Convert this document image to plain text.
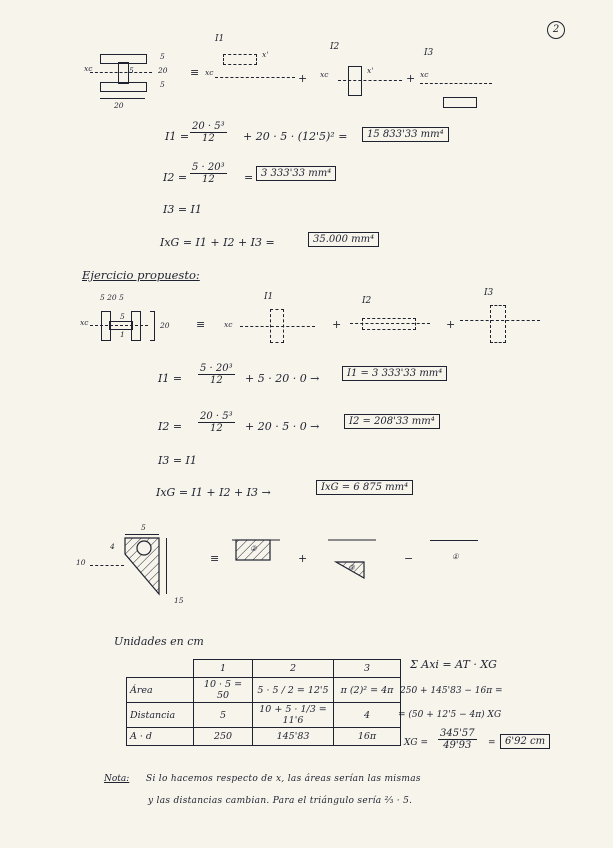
2
xc
5
20
5
5
20
≡ xc
I1
x'
+
I2
xc	x'
+
I3
xc
$I1 = \frac{\text{20 · 5³}}{12} + 20 \cdot 5 \cdot (12'5)^2$ =	15 833'33 mm⁴
$I2 = \frac{\text{5 · 20³}}{12} = 3$ 333'33 mm⁴
I3 = I1
IxG = I1 + I2 + I3 =	35.000 mm⁴
Ejercicio propuesto:
5 20 5
xc
5
1
20 ≡	xc
I1
+
I2
+
I3
$I1 = \frac{\text{5 · 20³}}{12} + 5 \cdot 20 \cdot 0$ →	I1 = 3 333'33 mm⁴
$I2 = \frac{\text{20 · 5³}}{12} + 20 \cdot 5 \cdot 0$ →	I2 = 208'33 mm⁴
I3 = I1
IxG = I1 + I2 + I3 →	IxG = 6 875 mm⁴
5
10
4
15
≡
②
+
③
−	①
Unidades en cm
	1	2	3
Área	10 · 5 = 50	5 · 5 / 2 = 12'5	π (2)² = 4π
Distancia	5	10 + 5 · 1/3 = 11'6	4
A · d	250	145'83	16π
Σ Axi = AT · XG
250 + 145'83 − 16π =
= (50 + 12'5 − 4π) XG
XG = $\frac{345'57}{49'93} = 6'92$ cm
Nota: Si lo hacemos respecto de x, las áreas serían las mismas
y las distancias cambian. Para el triángulo sería ⅔ · 5.
